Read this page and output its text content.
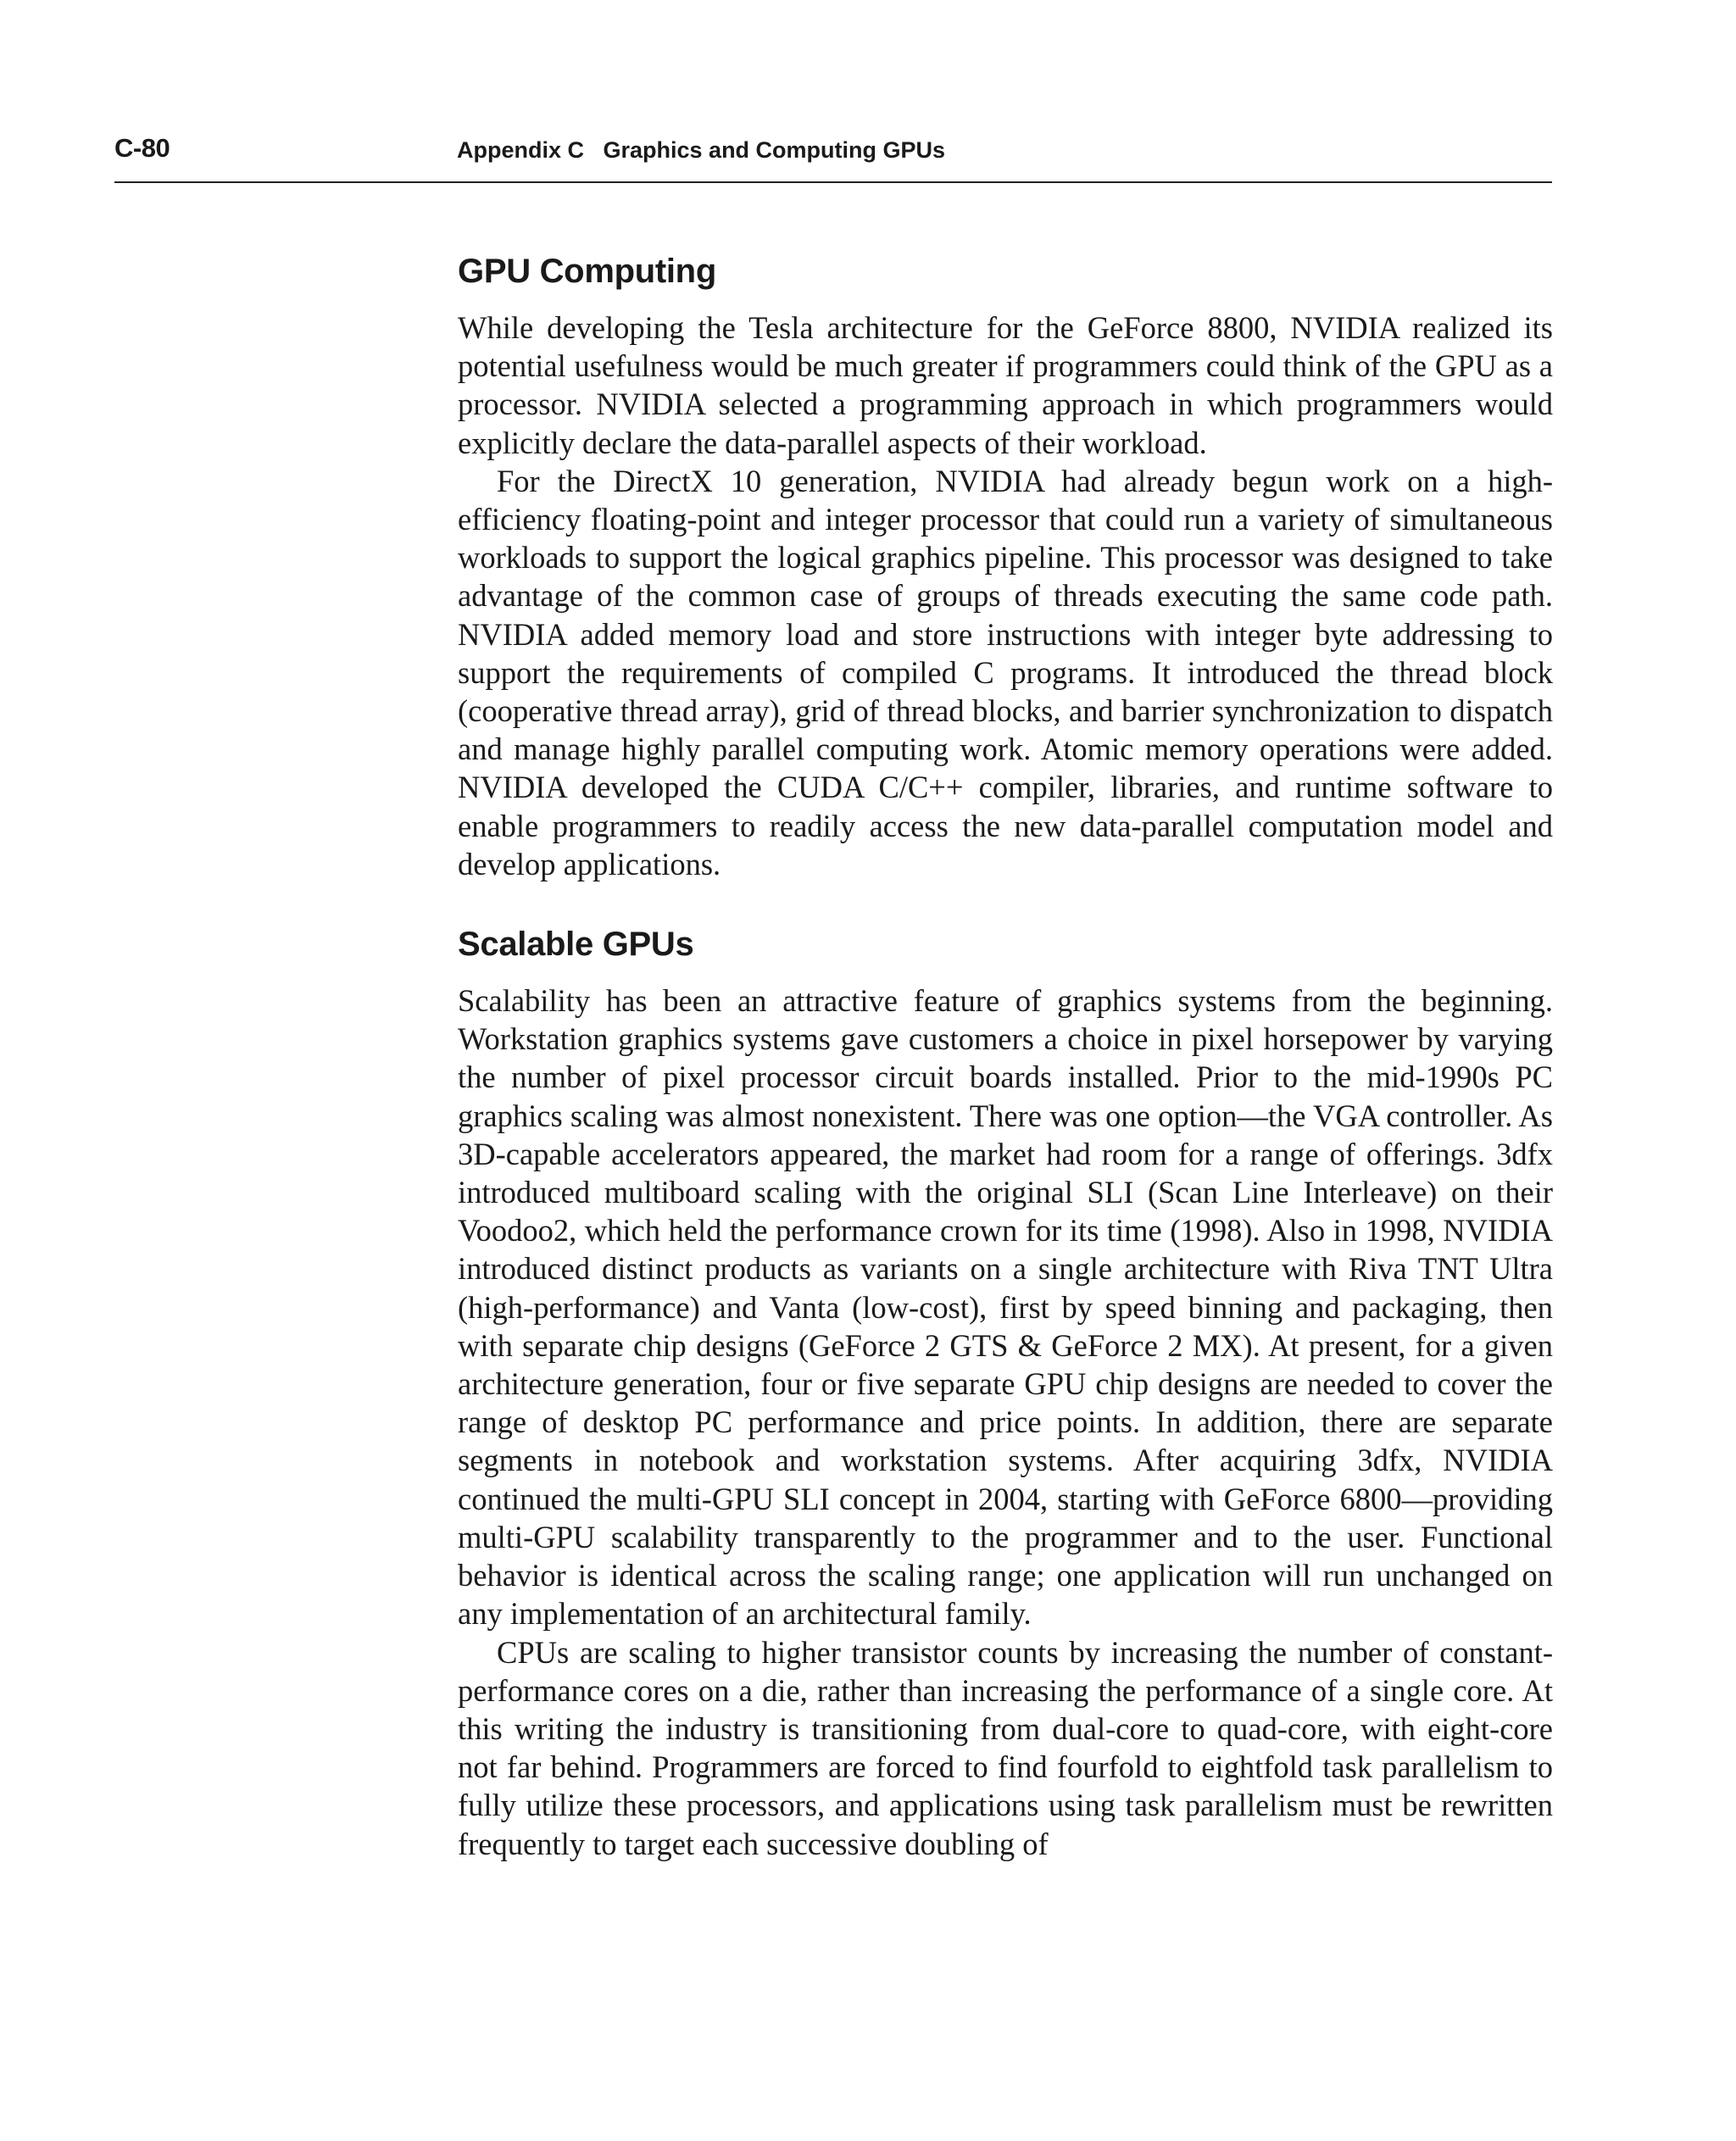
C-80	Appendix C   Graphics and Computing GPUs
GPU Computing

While developing the Tesla architecture for the GeForce 8800, NVIDIA realized its potential usefulness would be much greater if programmers could think of the GPU as a processor. NVIDIA selected a programming approach in which programmers would explicitly declare the data-parallel aspects of their workload.

For the DirectX 10 generation, NVIDIA had already begun work on a high-efficiency floating-point and integer processor that could run a variety of simultaneous workloads to support the logical graphics pipeline. This processor was designed to take advantage of the common case of groups of threads executing the same code path. NVIDIA added memory load and store instructions with integer byte addressing to support the requirements of compiled C programs. It introduced the thread block (cooperative thread array), grid of thread blocks, and barrier synchronization to dispatch and manage highly parallel computing work. Atomic memory operations were added. NVIDIA developed the CUDA C/C++ compiler, libraries, and runtime software to enable programmers to readily access the new data-parallel computation model and develop applications.

Scalable GPUs

Scalability has been an attractive feature of graphics systems from the beginning. Workstation graphics systems gave customers a choice in pixel horsepower by varying the number of pixel processor circuit boards installed. Prior to the mid-1990s PC graphics scaling was almost nonexistent. There was one option—the VGA controller. As 3D-capable accelerators appeared, the market had room for a range of offerings. 3dfx introduced multiboard scaling with the original SLI (Scan Line Interleave) on their Voodoo2, which held the performance crown for its time (1998). Also in 1998, NVIDIA introduced distinct products as variants on a single architecture with Riva TNT Ultra (high-performance) and Vanta (low-cost), first by speed binning and packaging, then with separate chip designs (GeForce 2 GTS & GeForce 2 MX). At present, for a given architecture generation, four or five separate GPU chip designs are needed to cover the range of desktop PC performance and price points. In addition, there are separate segments in notebook and workstation systems. After acquiring 3dfx, NVIDIA continued the multi-GPU SLI concept in 2004, starting with GeForce 6800—providing multi-GPU scalability transparently to the programmer and to the user. Functional behavior is identical across the scaling range; one application will run unchanged on any implementation of an architectural family.

CPUs are scaling to higher transistor counts by increasing the number of constant-performance cores on a die, rather than increasing the performance of a single core. At this writing the industry is transitioning from dual-core to quad-core, with eight-core not far behind. Programmers are forced to find fourfold to eightfold task parallelism to fully utilize these processors, and applications using task parallelism must be rewritten frequently to target each successive doubling of
